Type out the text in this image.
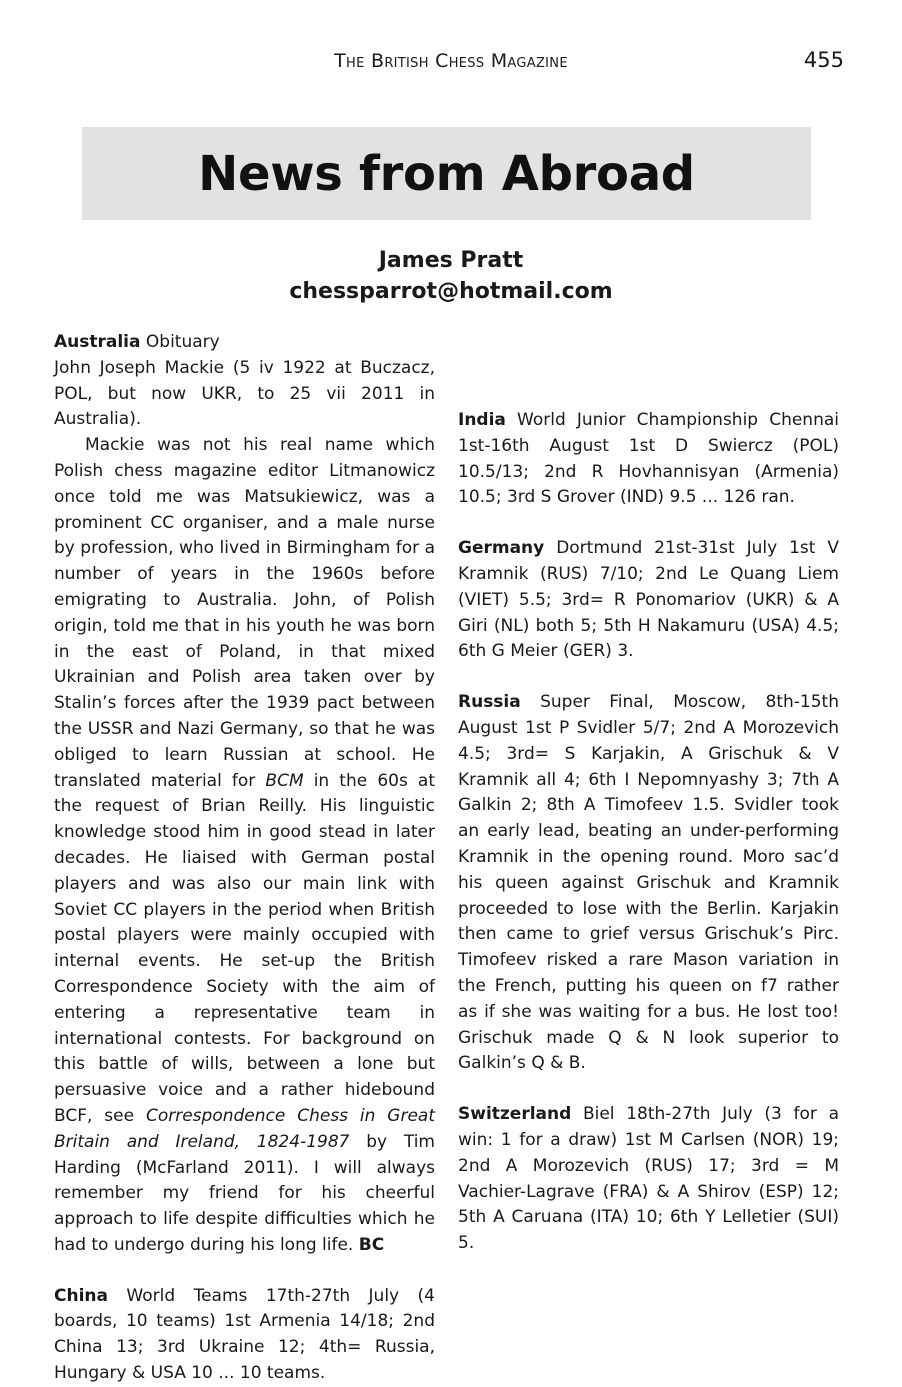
The British Chess Magazine	455
News from Abroad
James Pratt
chessparrot@hotmail.com

Australia Obituary

John Joseph Mackie (5 iv 1922 at Buczacz, POL, but now UKR, to 25 vii 2011 in Australia).

Mackie was not his real name which Polish chess magazine editor Litmanowicz once told me was Matsukiewicz, was a prominent CC organiser, and a male nurse by profession, who lived in Birmingham for a number of years in the 1960s before emigrating to Australia. John, of Polish origin, told me that in his youth he was born in the east of Poland, in that mixed Ukrainian and Polish area taken over by Stalin’s forces after the 1939 pact between the USSR and Nazi Germany, so that he was obliged to learn Russian at school. He translated material for BCM in the 60s at the request of Brian Reilly. His linguistic knowledge stood him in good stead in later decades. He liaised with German postal players and was also our main link with Soviet CC players in the period when British postal players were mainly occupied with internal events. He set-up the British Correspondence Society with the aim of entering a representative team in international contests. For background on this battle of wills, between a lone but persuasive voice and a rather hidebound BCF, see Correspondence Chess in Great Britain and Ireland, 1824-1987 by Tim Harding (McFarland 2011). I will always remember my friend for his cheerful approach to life despite difficulties which he had to undergo during his long life. BC

China World Teams 17th-27th July (4 boards, 10 teams) 1st Armenia 14/18; 2nd China 13; 3rd Ukraine 12; 4th= Russia, Hungary & USA 10 ... 10 teams.

India World Junior Championship Chennai 1st-16th August 1st D Swiercz (POL) 10.5/13; 2nd R Hovhannisyan (Armenia) 10.5; 3rd S Grover (IND) 9.5 ... 126 ran.

Germany Dortmund 21st-31st July 1st V Kramnik (RUS) 7/10; 2nd Le Quang Liem (VIET) 5.5; 3rd= R Ponomariov (UKR) & A Giri (NL) both 5; 5th H Nakamuru (USA) 4.5; 6th G Meier (GER) 3.

Russia Super Final, Moscow, 8th-15th August 1st P Svidler 5/7; 2nd A Morozevich 4.5; 3rd= S Karjakin, A Grischuk & V Kramnik all 4; 6th I Nepomnyashy 3; 7th A Galkin 2; 8th A Timofeev 1.5. Svidler took an early lead, beating an under-performing Kramnik in the opening round. Moro sac’d his queen against Grischuk and Kramnik proceeded to lose with the Berlin. Karjakin then came to grief versus Grischuk’s Pirc. Timofeev risked a rare Mason variation in the French, putting his queen on f7 rather as if she was waiting for a bus. He lost too! Grischuk made Q & N look superior to Galkin’s Q & B.

Switzerland Biel 18th-27th July (3 for a win: 1 for a draw) 1st M Carlsen (NOR) 19; 2nd A Morozevich (RUS) 17; 3rd = M Vachier-Lagrave (FRA) & A Shirov (ESP) 12; 5th A Caruana (ITA) 10; 6th Y Lelletier (SUI) 5.
